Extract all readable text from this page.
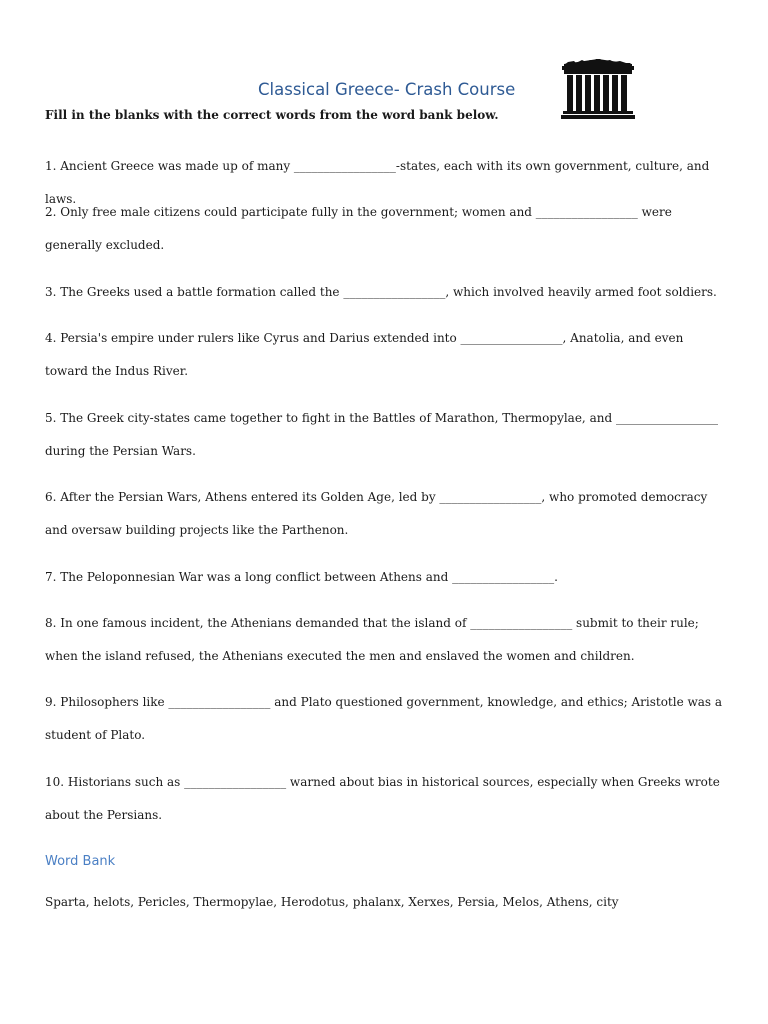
Classical Greece- Crash Course
Fill in the blanks with the correct words from the word bank below.

1. Ancient Greece was made up of many _________________-states, each with its own government, culture, and laws.

2. Only free male citizens could participate fully in the government; women and _________________ were generally excluded.

3. The Greeks used a battle formation called the _________________, which involved heavily armed foot soldiers.

4. Persia's empire under rulers like Cyrus and Darius extended into _________________, Anatolia, and even toward the Indus River.

5. The Greek city-states came together to fight in the Battles of Marathon, Thermopylae, and _________________ during the Persian Wars.

6. After the Persian Wars, Athens entered its Golden Age, led by _________________, who promoted democracy and oversaw building projects like the Parthenon.

7. The Peloponnesian War was a long conflict between Athens and _________________.

8. In one famous incident, the Athenians demanded that the island of _________________ submit to their rule; when the island refused, the Athenians executed the men and enslaved the women and children.

9. Philosophers like _________________ and Plato questioned government, knowledge, and ethics; Aristotle was a student of Plato.

10. Historians such as _________________ warned about bias in historical sources, especially when Greeks wrote about the Persians.

Word Bank
Sparta, helots, Pericles, Thermopylae, Herodotus, phalanx, Xerxes, Persia, Melos, Athens, city
